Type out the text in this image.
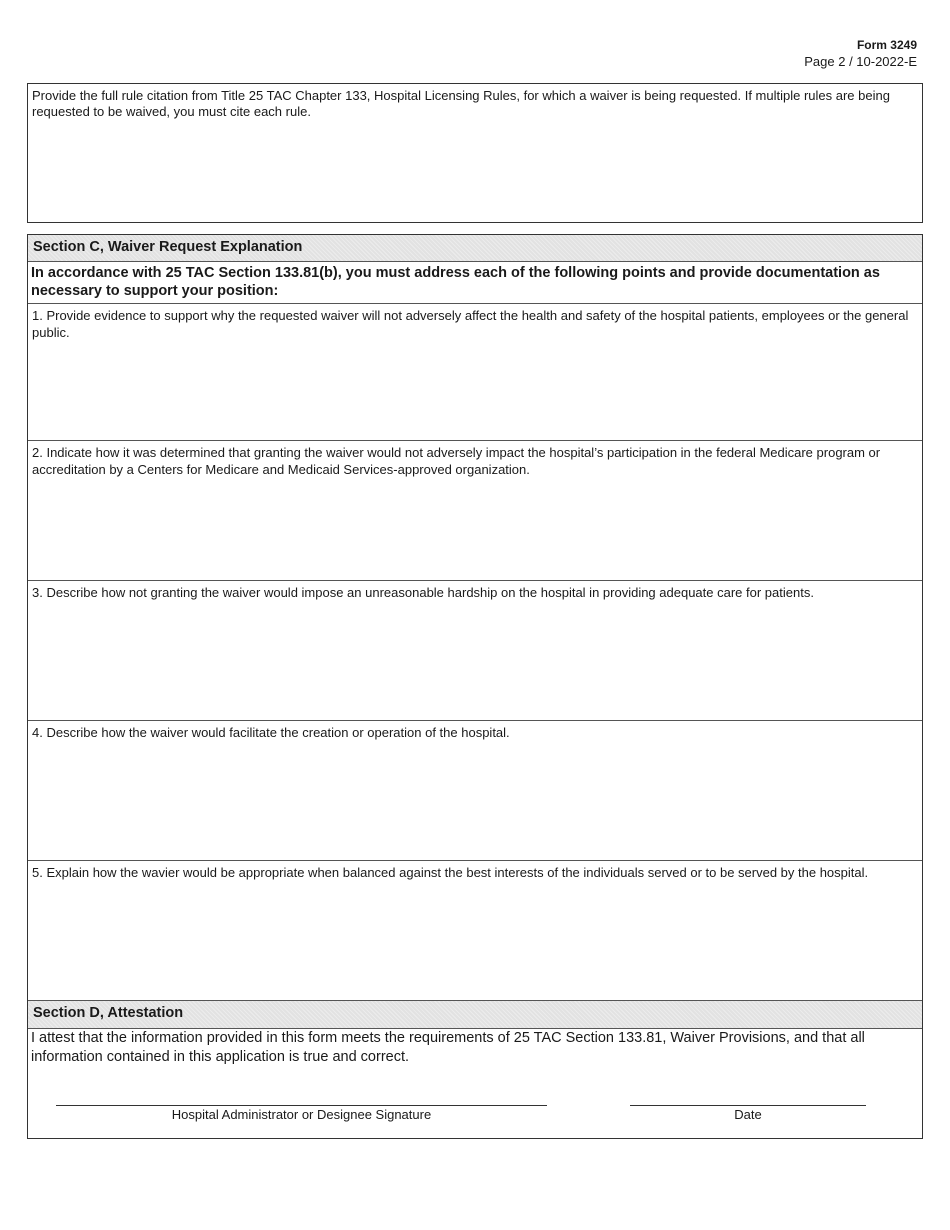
Form 3249
Page 2 / 10-2022-E
Provide the full rule citation from Title 25 TAC Chapter 133, Hospital Licensing Rules, for which a waiver is being requested. If multiple rules are being requested to be waived, you must cite each rule.
Section C, Waiver Request Explanation
In accordance with 25 TAC Section 133.81(b), you must address each of the following points and provide documentation as necessary to support your position:
1. Provide evidence to support why the requested waiver will not adversely affect the health and safety of the hospital patients, employees or the general public.
2. Indicate how it was determined that granting the waiver would not adversely impact the hospital’s participation in the federal Medicare program or accreditation by a Centers for Medicare and Medicaid Services-approved organization.
3. Describe how not granting the waiver would impose an unreasonable hardship on the hospital in providing adequate care for patients.
4. Describe how the waiver would facilitate the creation or operation of the hospital.
5. Explain how the wavier would be appropriate when balanced against the best interests of the individuals served or to be served by the hospital.
Section D, Attestation
I attest that the information provided in this form meets the requirements of 25 TAC Section 133.81, Waiver Provisions, and that all information contained in this application is true and correct.
Hospital Administrator or Designee Signature	Date
